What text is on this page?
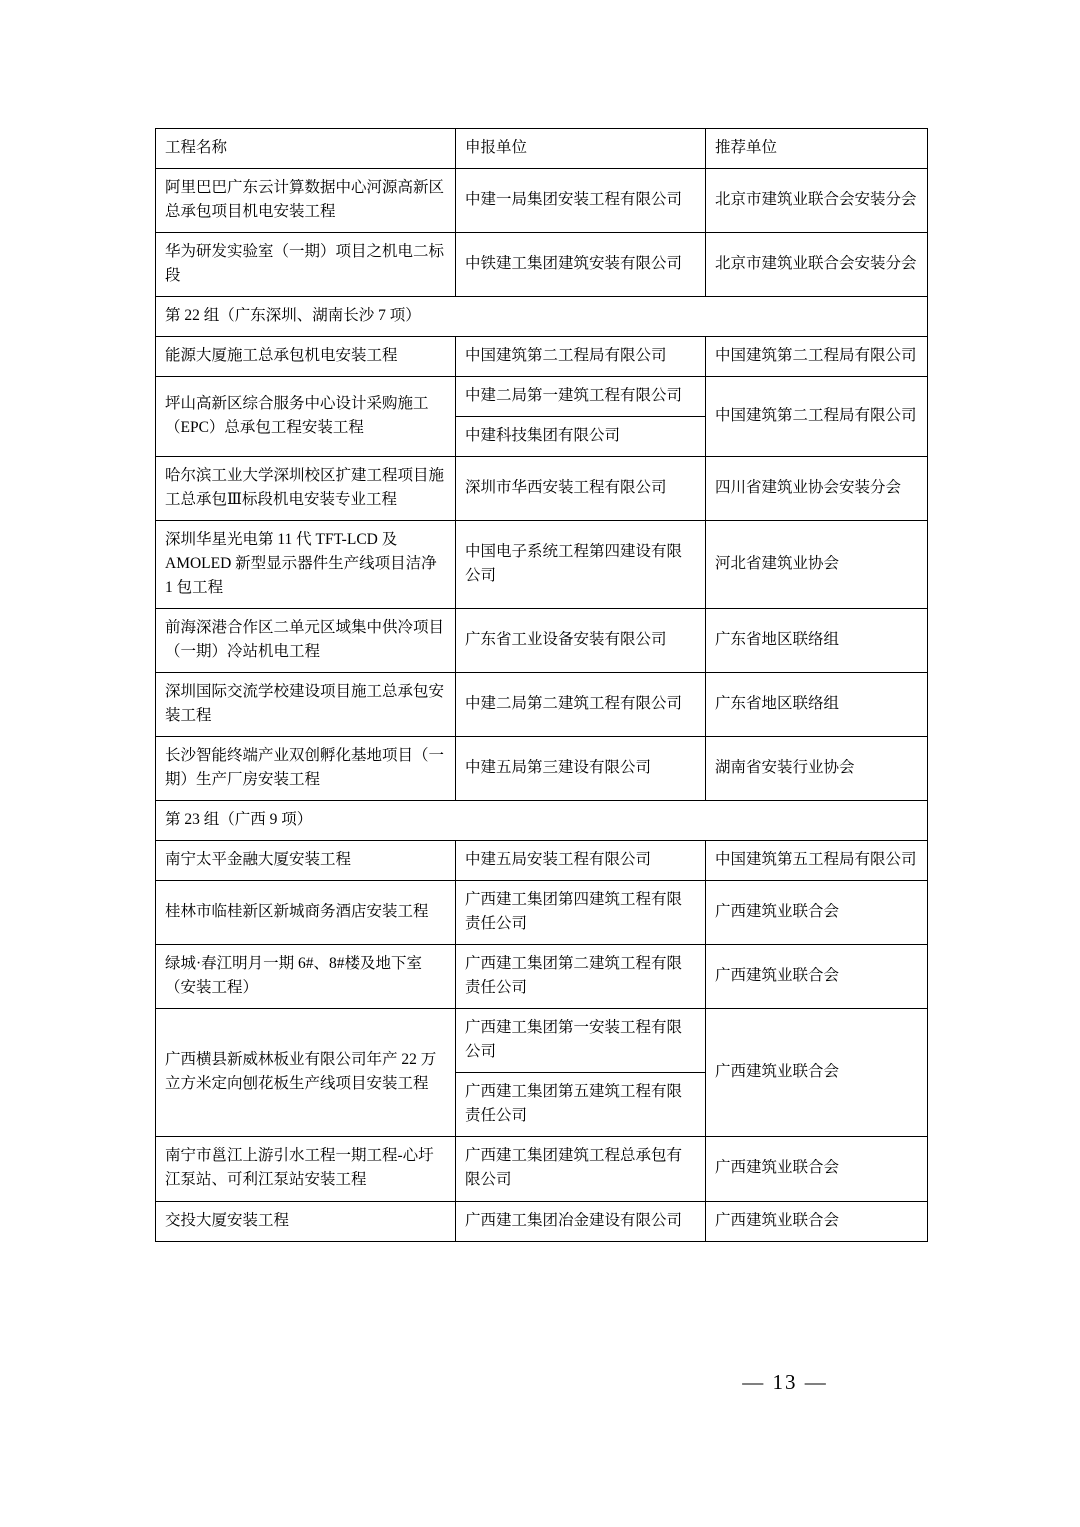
工程名称	申报单位	推荐单位
阿里巴巴广东云计算数据中心河源高新区总承包项目机电安装工程	中建一局集团安装工程有限公司	北京市建筑业联合会安装分会
华为研发实验室（一期）项目之机电二标段	中铁建工集团建筑安装有限公司	北京市建筑业联合会安装分会
第 22 组（广东深圳、湖南长沙 7 项）		
能源大厦施工总承包机电安装工程	中国建筑第二工程局有限公司	中国建筑第二工程局有限公司
坪山高新区综合服务中心设计采购施工（EPC）总承包工程安装工程	中建二局第一建筑工程有限公司	中国建筑第二工程局有限公司
	中建科技集团有限公司	
哈尔滨工业大学深圳校区扩建工程项目施工总承包Ⅲ标段机电安装专业工程	深圳市华西安装工程有限公司	四川省建筑业协会安装分会
深圳华星光电第 11 代 TFT-LCD 及 AMOLED 新型显示器件生产线项目洁净 1 包工程	中国电子系统工程第四建设有限公司	河北省建筑业协会
前海深港合作区二单元区域集中供冷项目（一期）冷站机电工程	广东省工业设备安装有限公司	广东省地区联络组
深圳国际交流学校建设项目施工总承包安装工程	中建二局第二建筑工程有限公司	广东省地区联络组
长沙智能终端产业双创孵化基地项目（一期）生产厂房安装工程	中建五局第三建设有限公司	湖南省安装行业协会
第 23 组（广西 9 项）		
南宁太平金融大厦安装工程	中建五局安装工程有限公司	中国建筑第五工程局有限公司
桂林市临桂新区新城商务酒店安装工程	广西建工集团第四建筑工程有限责任公司	广西建筑业联合会
绿城·春江明月一期 6#、8#楼及地下室（安装工程）	广西建工集团第二建筑工程有限责任公司	广西建筑业联合会
广西横县新威林板业有限公司年产 22 万立方米定向刨花板生产线项目安装工程	广西建工集团第一安装工程有限公司	广西建筑业联合会
	广西建工集团第五建筑工程有限责任公司	
南宁市邕江上游引水工程一期工程-心圩江泵站、可利江泵站安装工程	广西建工集团建筑工程总承包有限公司	广西建筑业联合会
交投大厦安装工程	广西建工集团冶金建设有限公司	广西建筑业联合会
— 13 —
